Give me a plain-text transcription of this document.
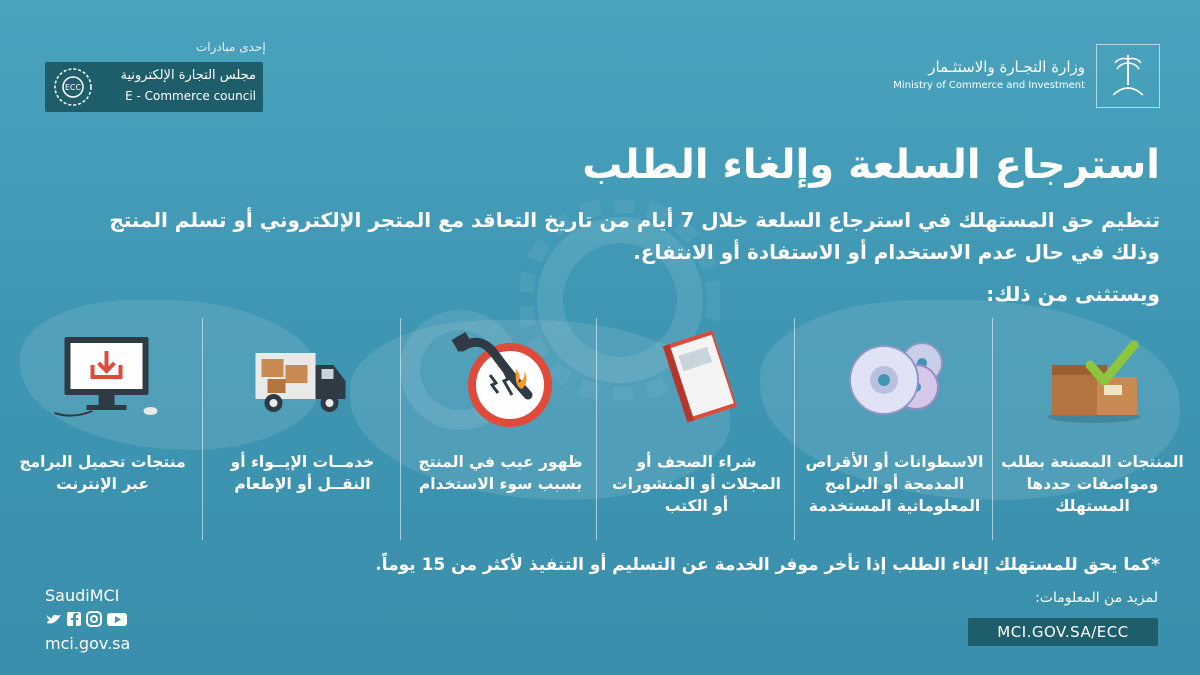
إحدى مبادرات
ECC
مجلس التجارة الإلكترونية
E - Commerce council
وزارة التجـارة والاستثـمار
Ministry of Commerce and Investment
استرجاع السلعة وإلغاء الطلب
تنظيم حق المستهلك في استرجاع السلعة خلال 7 أيام من تاريخ التعاقد مع المتجر الإلكتروني أو تسلم المنتج
وذلك في حال عدم الاستخدام أو الاستفادة أو الانتفاع.
ويستثنى من ذلك:
المنتجات المصنعة بطلب ومواصفات حددها المستهلك
الاسطوانات أو الأقراص المدمجة أو البرامج المعلوماتية المستخدمة
شراء الصحف أو المجلات أو المنشورات أو الكتب
ظهور عيب في المنتج بسبب سوء الاستخدام
خدمــات الإيــواء أو النقــل أو الإطعام
منتجات تحميل البرامج عبر الإنترنت
*كما يحق للمستهلك إلغاء الطلب إذا تأخر موفر الخدمة عن التسليم أو التنفيذ لأكثر من 15 يوماً.
SaudiMCI
mci.gov.sa
لمزيد من المعلومات:
MCI.GOV.SA/ECC
